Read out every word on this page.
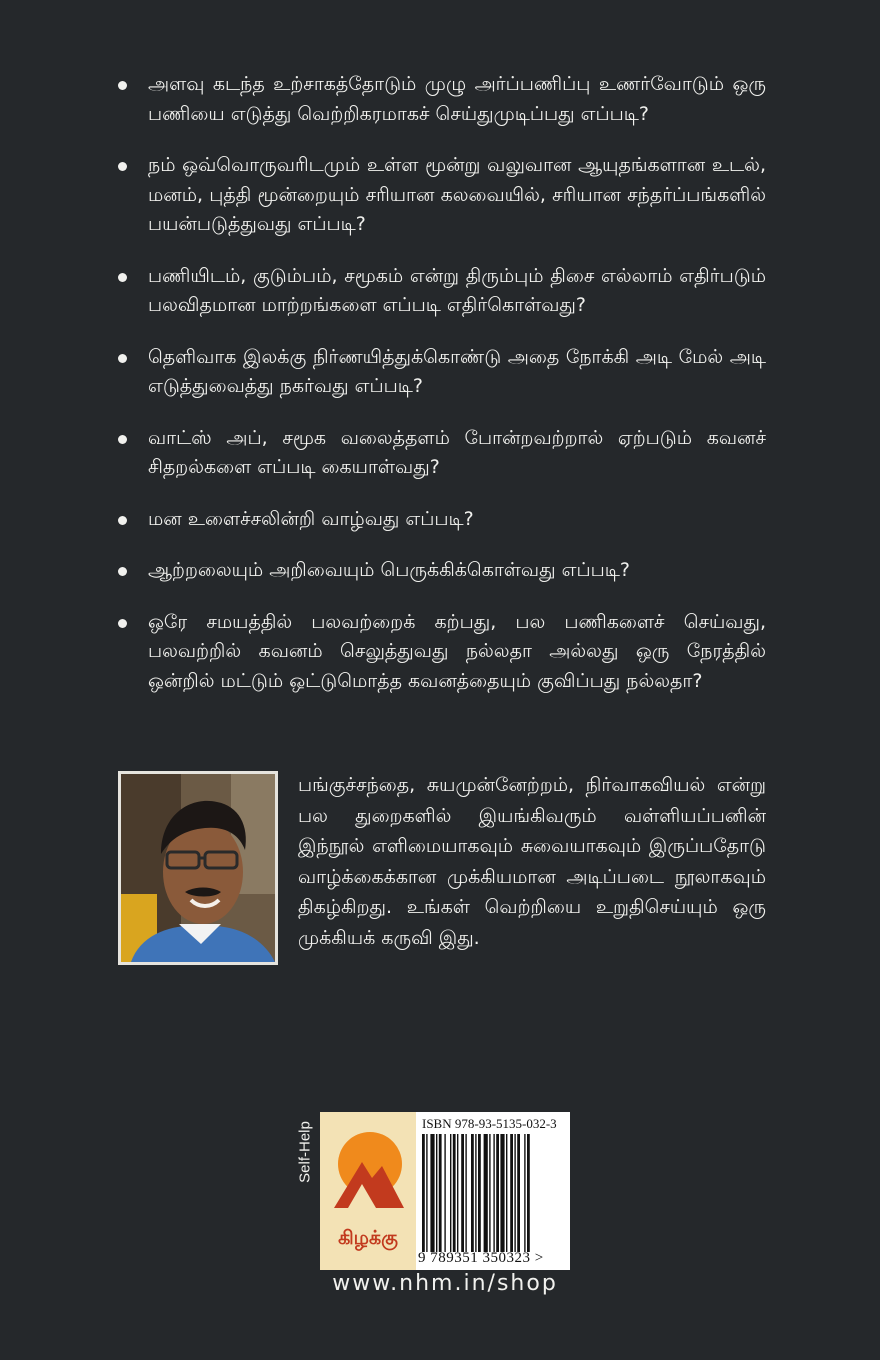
அளவு கடந்த உற்சாகத்தோடும் முழு அர்ப்பணிப்பு உணர்வோடும் ஒரு பணியை எடுத்து வெற்றிகரமாகச் செய்துமுடிப்பது எப்படி?
நம் ஒவ்வொருவரிடமும் உள்ள மூன்று வலுவான ஆயுதங்களான உடல், மனம், புத்தி மூன்றையும் சரியான கலவையில், சரியான சந்தர்ப்பங்களில் பயன்படுத்துவது எப்படி?
பணியிடம், குடும்பம், சமூகம் என்று திரும்பும் திசை எல்லாம் எதிர்படும் பலவிதமான மாற்றங்களை எப்படி எதிர்கொள்வது?
தெளிவாக இலக்கு நிர்ணயித்துக்கொண்டு அதை நோக்கி அடி மேல் அடி எடுத்துவைத்து நகர்வது எப்படி?
வாட்ஸ் அப், சமூக வலைத்தளம் போன்றவற்றால் ஏற்படும் கவனச் சிதறல்களை எப்படி கையாள்வது?
மன உளைச்சலின்றி வாழ்வது எப்படி?
ஆற்றலையும் அறிவையும் பெருக்கிக்கொள்வது எப்படி?
ஒரே சமயத்தில் பலவற்றைக் கற்பது, பல பணிகளைச் செய்வது, பலவற்றில் கவனம் செலுத்துவது நல்லதா அல்லது ஒரு நேரத்தில் ஒன்றில் மட்டும் ஒட்டுமொத்த கவனத்தையும் குவிப்பது நல்லதா?

பங்குச்சந்தை, சுயமுன்னேற்றம், நிர்வாகவியல் என்று பல துறைகளில் இயங்கிவரும் வள்ளியப்பனின் இந்நூல் எளிமையாகவும் சுவையாகவும் இருப்பதோடு வாழ்க்கைக்கான முக்கியமான அடிப்படை நூலாகவும் திகழ்கிறது. உங்கள் வெற்றியை உறுதிசெய்யும் ஒரு முக்கியக் கருவி இது.

Self-Help
கிழக்கு
ISBN 978-93-5135-032-3
9 789351 350323 >
www.nhm.in/shop
